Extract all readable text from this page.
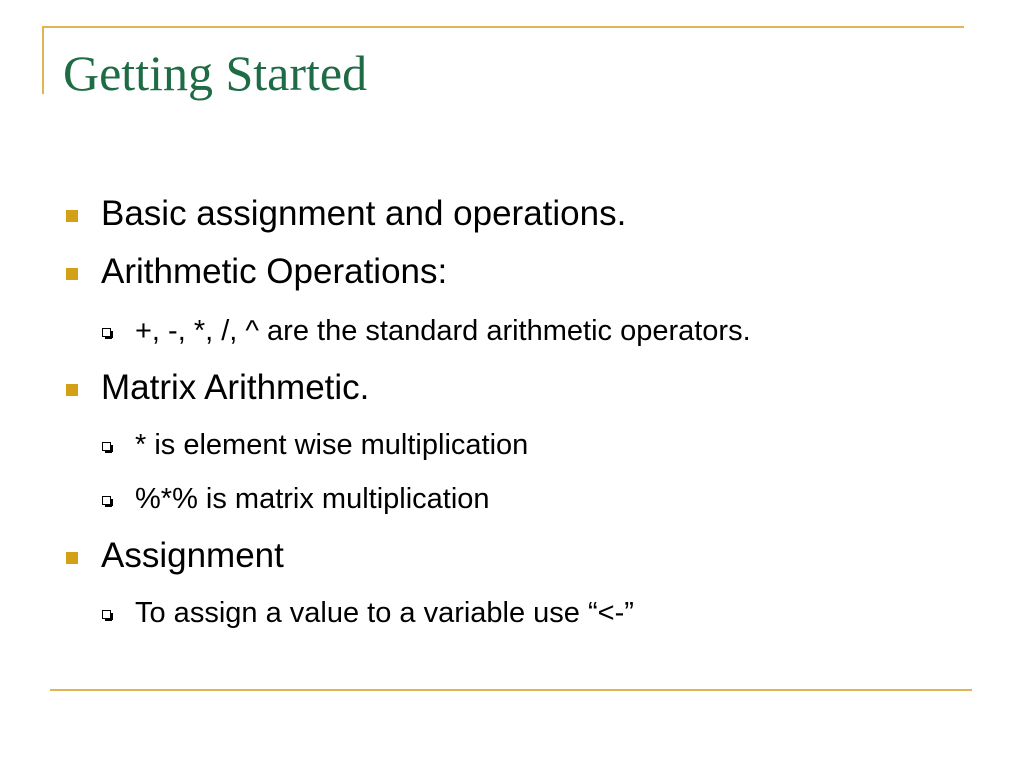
Getting Started
Basic assignment and operations.
Arithmetic Operations:
+, -, *, /, ^ are the standard arithmetic operators.
Matrix Arithmetic.
* is element wise multiplication
%*% is matrix multiplication
Assignment
To assign a value to a variable use “<-”
